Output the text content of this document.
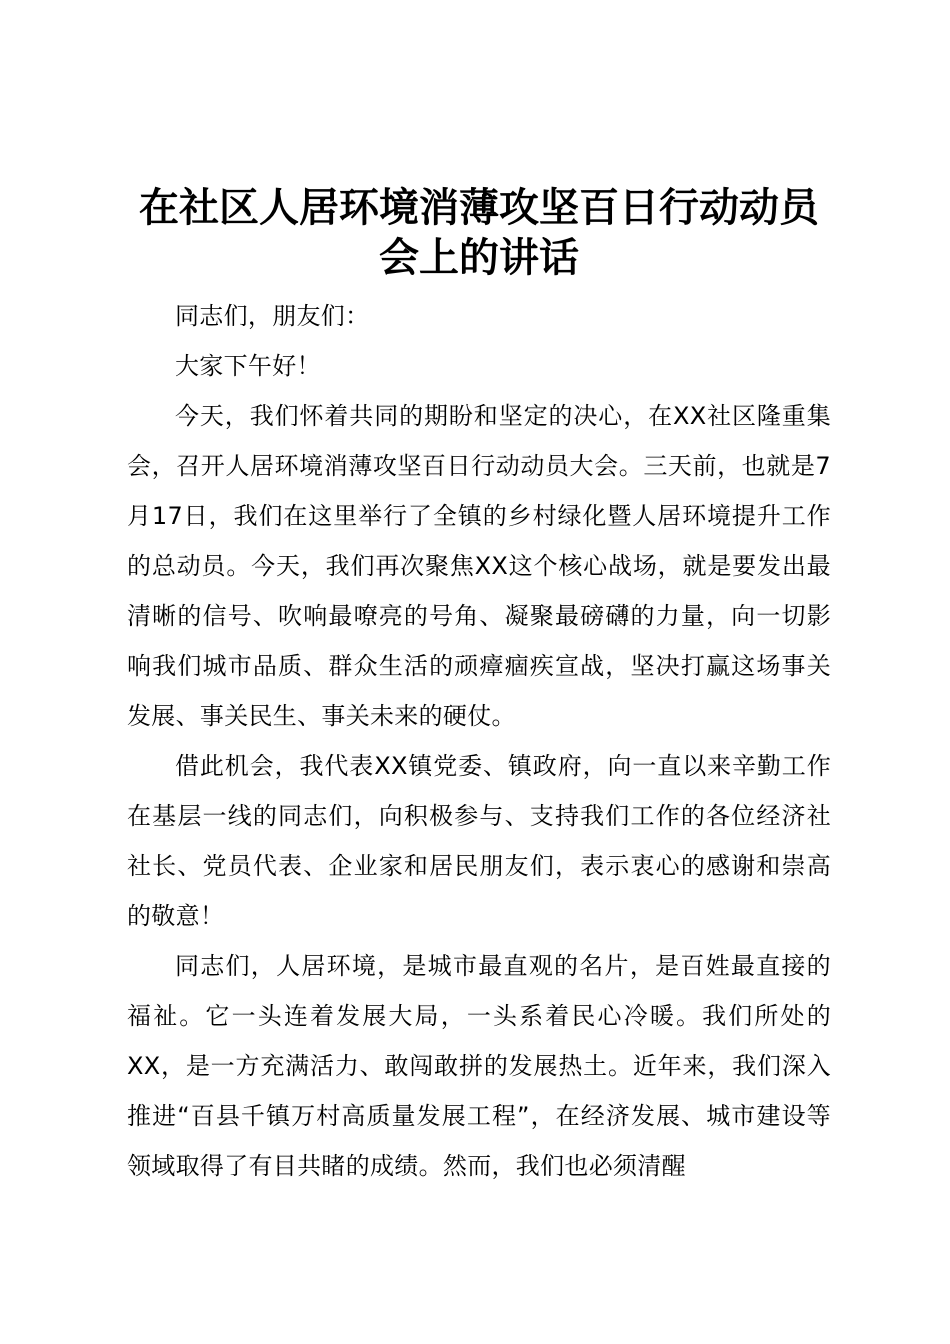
在社区人居环境消薄攻坚百日行动动员
会上的讲话

同志们，朋友们：

大家下午好！

今天，我们怀着共同的期盼和坚定的决心，在XX社区隆重集会，召开人居环境消薄攻坚百日行动动员大会。三天前，也就是7月17日，我们在这里举行了全镇的乡村绿化暨人居环境提升工作的总动员。今天，我们再次聚焦XX这个核心战场，就是要发出最清晰的信号、吹响最嘹亮的号角、凝聚最磅礴的力量，向一切影响我们城市品质、群众生活的顽瘴痼疾宣战，坚决打赢这场事关发展、事关民生、事关未来的硬仗。

借此机会，我代表XX镇党委、镇政府，向一直以来辛勤工作在基层一线的同志们，向积极参与、支持我们工作的各位经济社社长、党员代表、企业家和居民朋友们，表示衷心的感谢和崇高的敬意！

同志们，人居环境，是城市最直观的名片，是百姓最直接的福祉。它一头连着发展大局，一头系着民心冷暖。我们所处的XX，是一方充满活力、敢闯敢拼的发展热土。近年来，我们深入推进“百县千镇万村高质量发展工程”，在经济发展、城市建设等领域取得了有目共睹的成绩。然而，我们也必须清醒
